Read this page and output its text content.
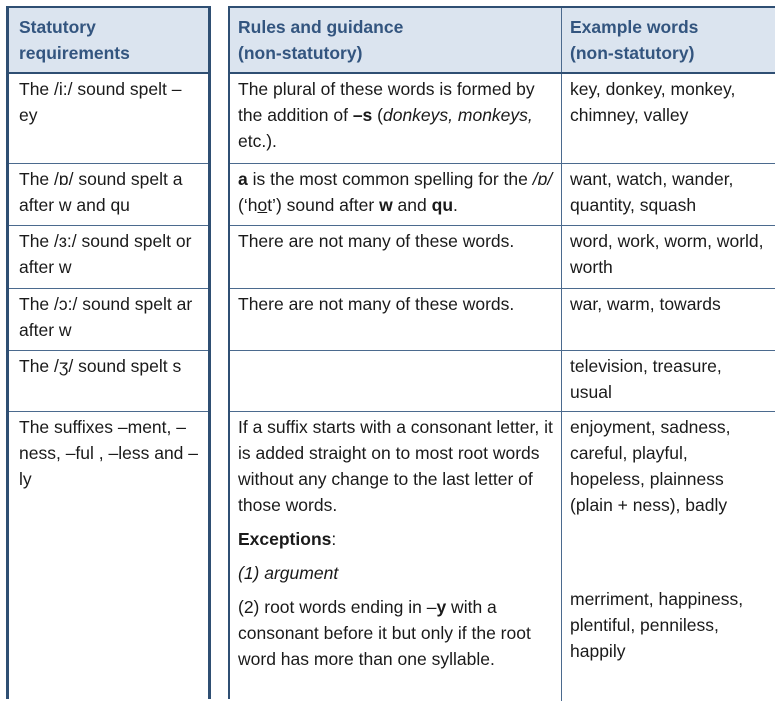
Statutory
requirements
The /i:/ sound spelt –ey
The /ɒ/ sound spelt a after w and qu
The /ɜ:/ sound spelt or after w
The /ɔ:/ sound spelt ar after w
The /ʒ/ sound spelt s
The suffixes –ment, –ness, –ful , –less and –ly
Rules and guidance
(non-statutory)
Example words
(non-statutory)
The plural of these words is formed by the addition of –s (donkeys, monkeys, etc.).
key, donkey, monkey, chimney, valley
a is the most common spelling for the /ɒ/ (‘hot’) sound after w and qu.
want, watch, wander, quantity, squash
There are not many of these words.	word, work, worm, world, worth
There are not many of these words.	war, warm, towards
television, treasure, usual

If a suffix starts with a consonant letter, it is added straight on to most root words without any change to the last letter of those words.

Exceptions:

(1) argument

(2) root words ending in –y with a consonant before it but only if the root word has more than one syllable.

enjoyment, sadness, careful, playful, hopeless, plainness (plain + ness), badly

merriment, happiness, plentiful, penniless, happily
